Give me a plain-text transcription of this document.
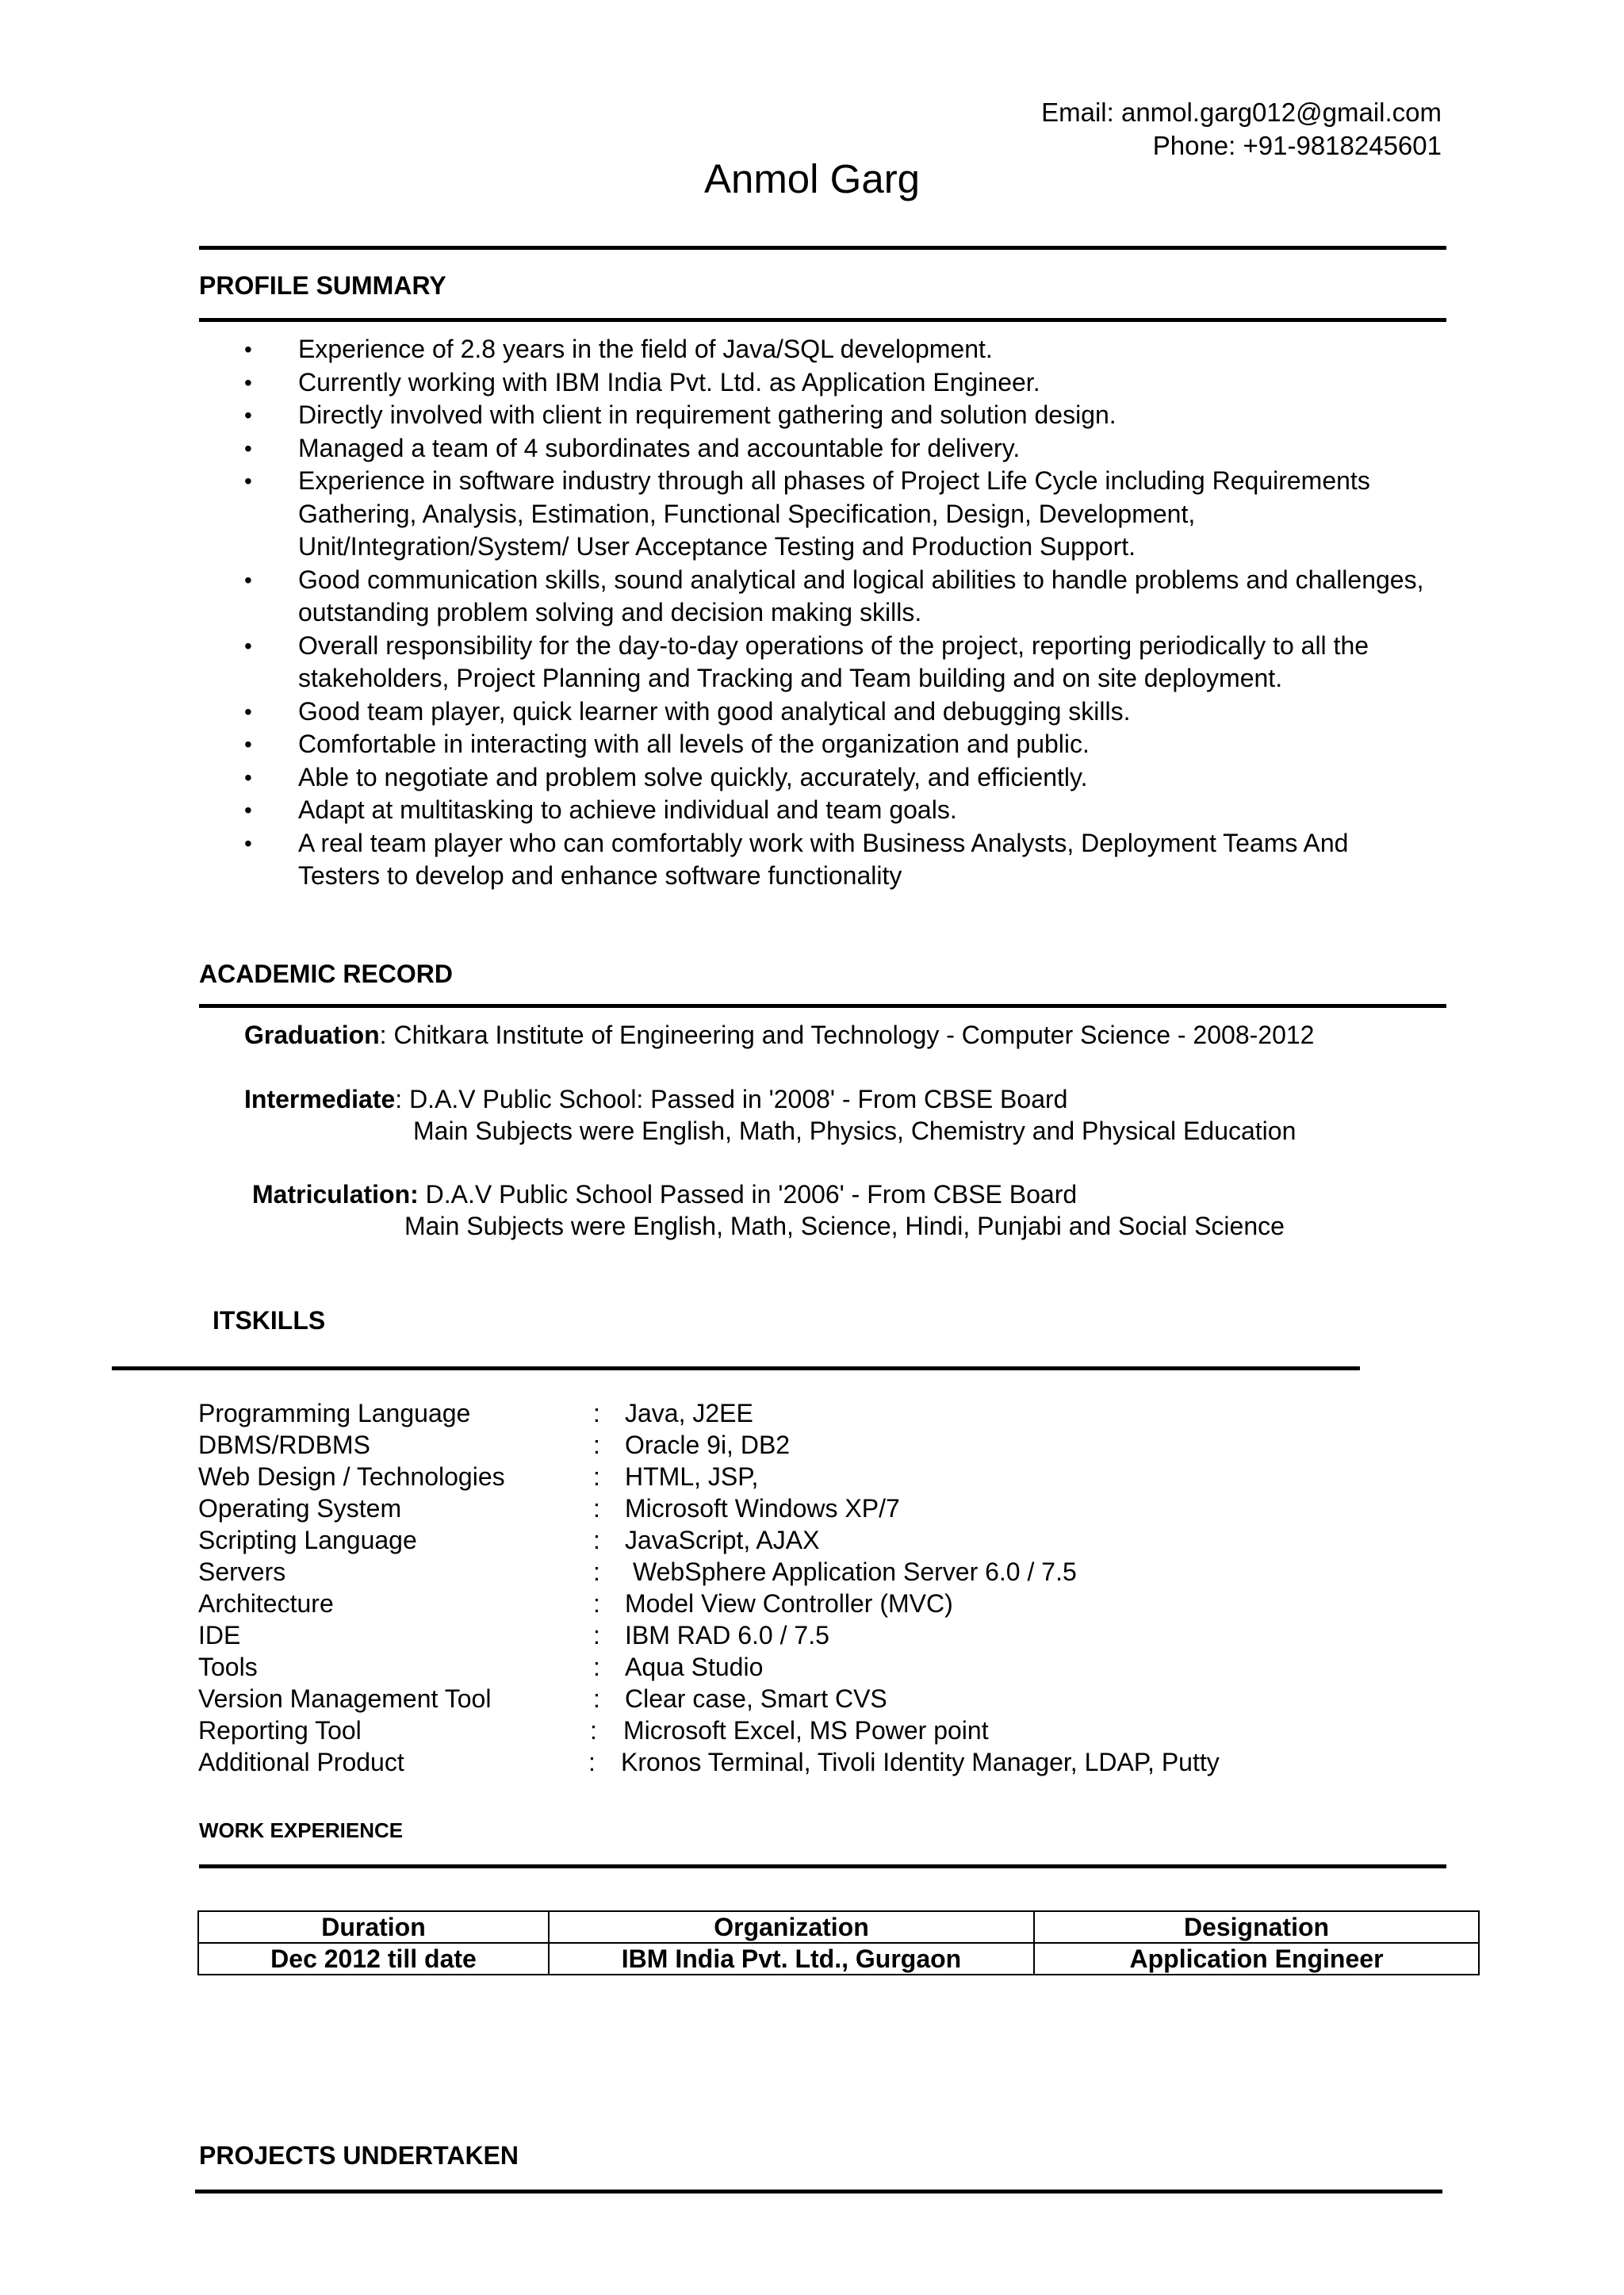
Email: anmol.garg012@gmail.com
Phone: +91-9818245601
Anmol Garg
PROFILE SUMMARY
• Experience of 2.8 years in the field of Java/SQL development.
• Currently working with IBM India Pvt. Ltd. as Application Engineer.
• Directly involved with client in requirement gathering and solution design.
• Managed a team of 4 subordinates and accountable for delivery.
• Experience in software industry through all phases of Project Life Cycle including Requirements Gathering, Analysis, Estimation, Functional Specification, Design, Development, Unit/Integration/System/ User Acceptance Testing and Production Support.
• Good communication skills, sound analytical and logical abilities to handle problems and challenges, outstanding problem solving and decision making skills.
• Overall responsibility for the day-to-day operations of the project, reporting periodically to all the stakeholders, Project Planning and Tracking and Team building and on site deployment.
• Good team player, quick learner with good analytical and debugging skills.
• Comfortable in interacting with all levels of the organization and public.
• Able to negotiate and problem solve quickly, accurately, and efficiently.
• Adapt at multitasking to achieve individual and team goals.
• A real team player who can comfortably work with Business Analysts, Deployment Teams And Testers to develop and enhance software functionality
ACADEMIC RECORD
Graduation: Chitkara Institute of Engineering and Technology - Computer Science - 2008-2012
Intermediate: D.A.V Public School: Passed in '2008' - From CBSE Board
Main Subjects were English, Math, Physics, Chemistry and Physical Education
Matriculation: D.A.V Public School Passed in '2006' - From CBSE Board
Main Subjects were English, Math, Science, Hindi, Punjabi and Social Science
ITSKILLS
Programming Language	: Java, J2EE
DBMS/RDBMS	: Oracle 9i, DB2
Web Design / Technologies	: HTML, JSP,
Operating System	: Microsoft Windows XP/7
Scripting Language	: JavaScript, AJAX
Servers	: WebSphere Application Server 6.0 / 7.5
Architecture	: Model View Controller (MVC)
IDE	: IBM RAD 6.0 / 7.5
Tools	: Aqua Studio
Version Management Tool	: Clear case, Smart CVS
Reporting Tool	: Microsoft Excel, MS Power point
Additional Product	: Kronos Terminal, Tivoli Identity Manager, LDAP, Putty
WORK EXPERIENCE
Duration	Organization	Designation
Dec 2012 till date	IBM India Pvt. Ltd., Gurgaon	Application Engineer
PROJECTS UNDERTAKEN
